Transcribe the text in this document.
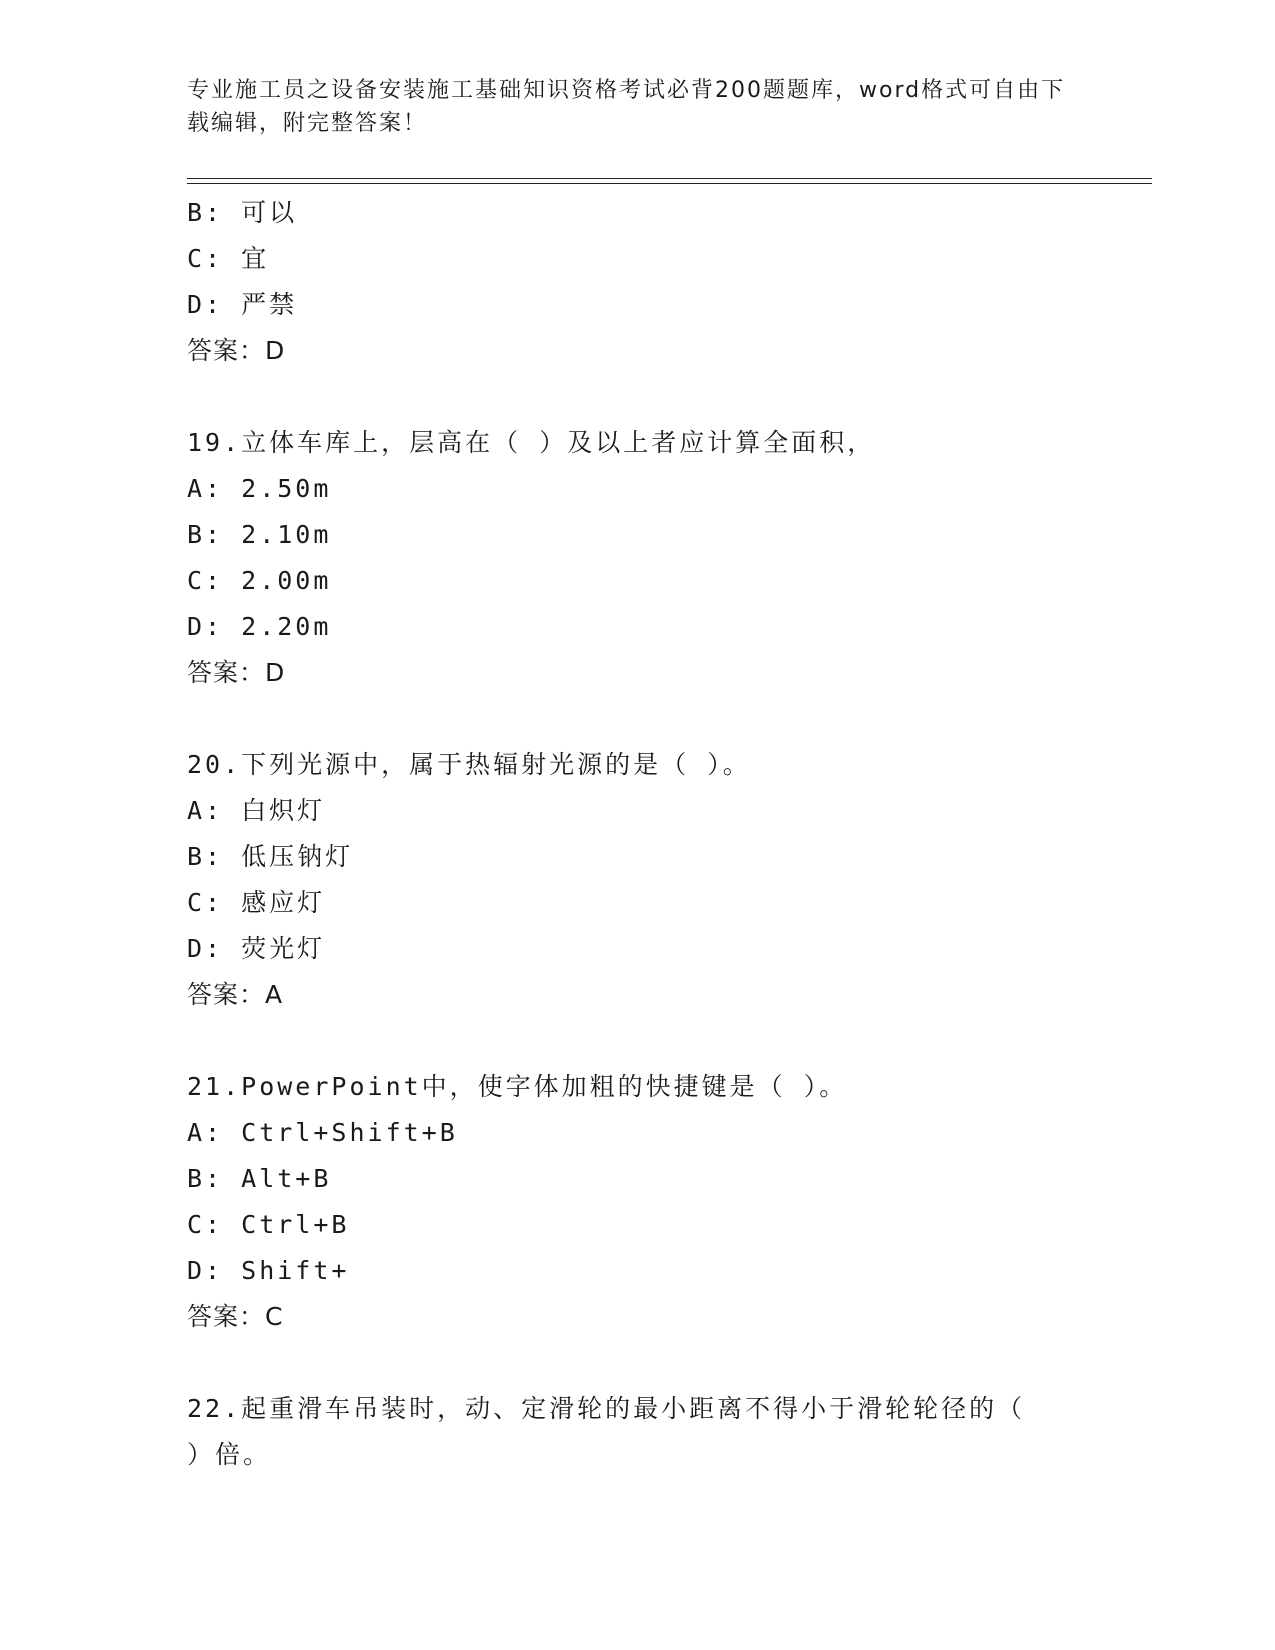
专业施工员之设备安装施工基础知识资格考试必背200题题库，word格式可自由下载编辑，附完整答案！
B: 可以
C: 宜
D: 严禁
答案：D
19.立体车库上，层高在（ ）及以上者应计算全面积，
A: 2.50m
B: 2.10m
C: 2.00m
D: 2.20m
答案：D
20.下列光源中，属于热辐射光源的是（ ）。
A: 白炽灯
B: 低压钠灯
C: 感应灯
D: 荧光灯
答案：A
21.PowerPoint中，使字体加粗的快捷键是（ ）。
A: Ctrl+Shift+B
B: Alt+B
C: Ctrl+B
D: Shift+
答案：C
22.起重滑车吊装时，动、定滑轮的最小距离不得小于滑轮轮径的（ ）倍。
